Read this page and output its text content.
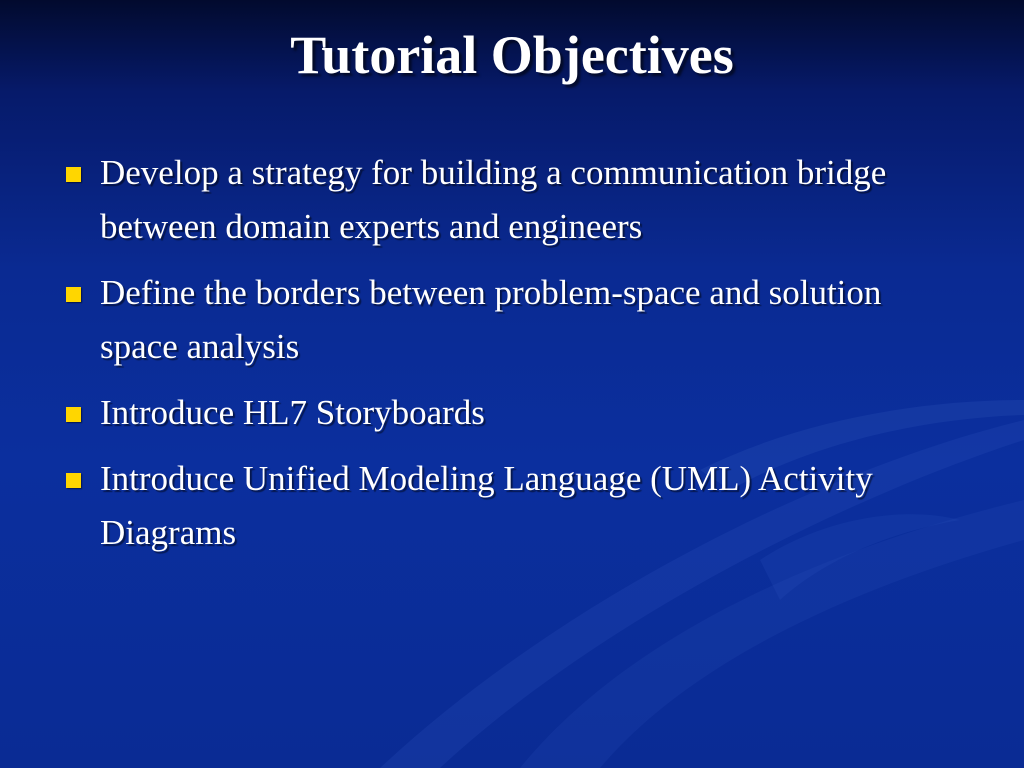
Tutorial Objectives
Develop a strategy for building a communication bridge between domain experts and engineers
Define the borders between problem-space and solution space analysis
Introduce HL7 Storyboards
Introduce Unified Modeling Language (UML) Activity Diagrams
